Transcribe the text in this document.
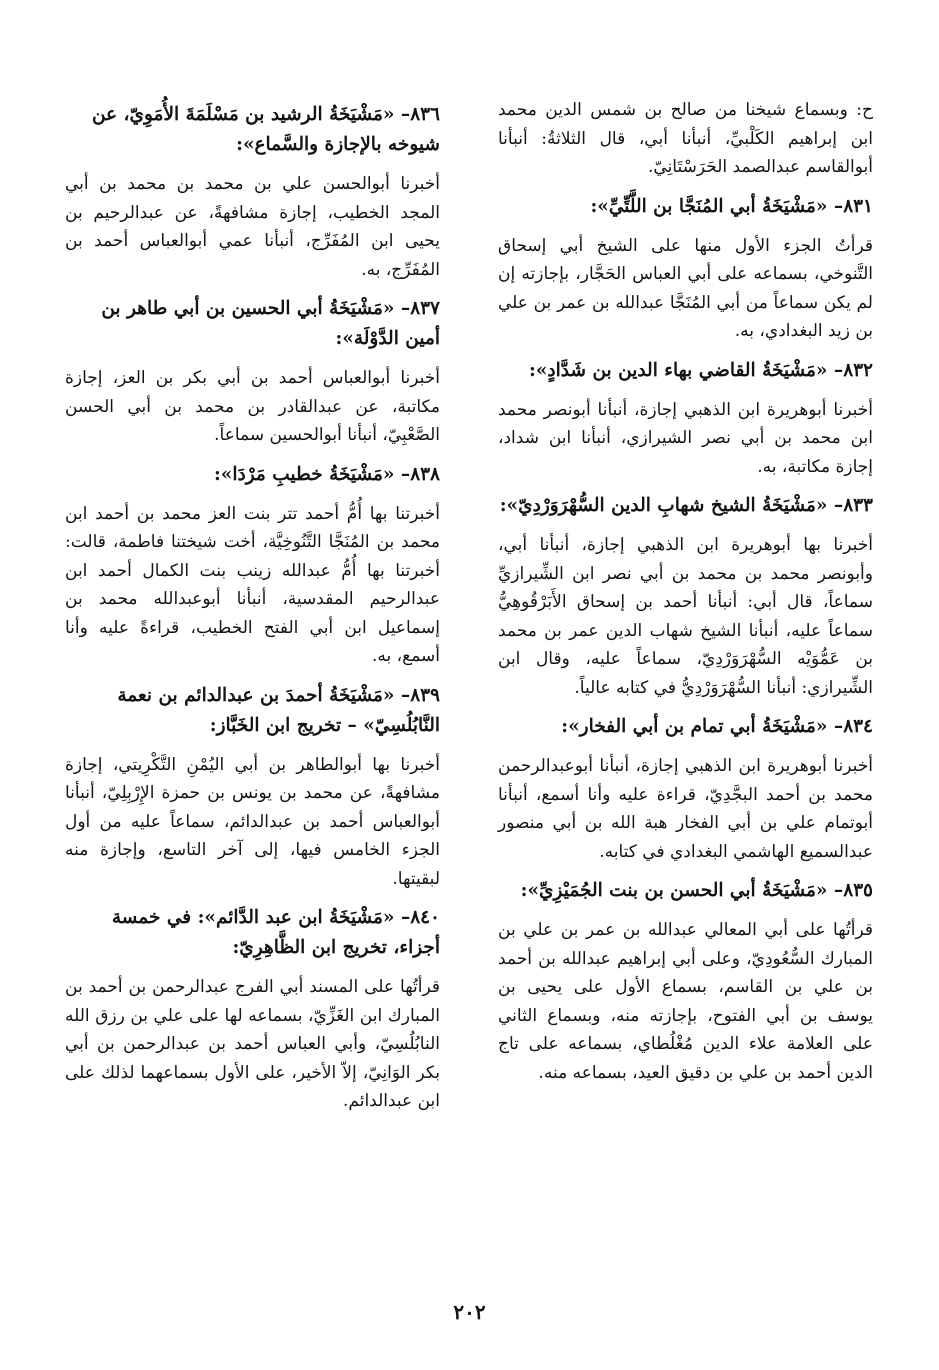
ح: وبسماع شيخنا من صالح بن شمس الدين محمد ابن إبراهيم الكَلْبيِّ، أنبأنا أبي، قال الثلاثةُ: أنبأنا أبوالقاسم عبدالصمد الحَرَسْتَانِيّ.

٨٣١– «مَشْيَخَةُ أبي المُنَجَّا بن اللَّتِّيِّ»:

قرأتُ الجزء الأول منها على الشيخ أبي إسحاق التَّنوخي، بسماعه على أبي العباس الحَجَّار، بإجازته إن لم يكن سماعاً من أبي المُنَجَّا عبدالله بن عمر بن علي بن زيد البغدادي، به.

٨٣٢– «مَشْيَخَةُ القاضي بهاء الدين بن شَدَّادٍ»:

أخبرنا أبوهريرة ابن الذهبي إجازة، أنبأنا أبونصر محمد ابن محمد بن أبي نصر الشيرازي، أنبأنا ابن شداد، إجازة مكاتبة، به.

٨٣٣– «مَشْيَخَةُ الشيخ شهابِ الدين السُّهْرَوَرْدِيّ»:

أخبرنا بها أبوهريرة ابن الذهبي إجازة، أنبأنا أبي، وأبونصر محمد بن محمد بن أبي نصر ابن الشِّيرازيِّ سماعاً، قال أبي: أنبأنا أحمد بن إسحاق الأَبَرْقُوهِيُّ سماعاً عليه، أنبأنا الشيخ شهاب الدين عمر بن محمد بن عَمُّوَيْه السُّهْرَوَرْدِيّ، سماعاً عليه، وقال ابن الشِّيرازي: أنبأنا السُّهْرَوَرْدِيُّ في كتابه عالياً.

٨٣٤– «مَشْيَخَةُ أبي تمام بن أبي الفخار»:

أخبرنا أبوهريرة ابن الذهبي إجازة، أنبأنا أبوعبدالرحمن محمد بن أحمد البجَّدِيّ، قراءة عليه وأنا أسمع، أنبأنا أبوتمام علي بن أبي الفخار هبة الله بن أبي منصور عبدالسميع الهاشمي البغدادي في كتابه.

٨٣٥– «مَشْيَخَةُ أبي الحسن بن بنت الجُمَيْزِيِّ»:

قرأتُها على أبي المعالي عبدالله بن عمر بن علي بن المبارك السُّعُودِيّ، وعلى أبي إبراهيم عبدالله بن أحمد بن علي بن القاسم، بسماع الأول على يحيى بن يوسف بن أبي الفتوح، بإجازته منه، وبسماع الثاني على العلامة علاء الدين مُغْلُطاي، بسماعه على تاج الدين أحمد بن علي بن دقيق العيد، بسماعه منه.

٨٣٦– «مَشْيَخَةُ الرشيد بن مَسْلَمَةَ الأُمَوِيّ، عن شيوخه بالإجازة والسَّماع»:

أخبرنا أبوالحسن علي بن محمد بن محمد بن أبي المجد الخطيب، إجازة مشافهةً، عن عبدالرحيم بن يحيى ابن المُفَرِّج، أنبأنا عمي أبوالعباس أحمد بن المُفَرِّج، به.

٨٣٧– «مَشْيَخَةُ أبي الحسين بن أبي طاهر بن أمين الدَّوْلَة»:

أخبرنا أبوالعباس أحمد بن أبي بكر بن العز، إجازة مكاتبة، عن عبدالقادر بن محمد بن أبي الحسن الصَّعْبِيّ، أنبأنا أبوالحسين سماعاً.

٨٣٨– «مَشْيَخَةُ خطيبِ مَرْدَا»:

أخبرتنا بها أُمُّ أحمد تتر بنت العز محمد بن أحمد ابن محمد بن المُنَجَّا التَّنُوخِيَّة، أخت شيختنا فاطمة، قالت: أخبرتنا بها أُمُّ عبدالله زينب بنت الكمال أحمد ابن عبدالرحيم المقدسية، أنبأنا أبوعبدالله محمد بن إسماعيل ابن أبي الفتح الخطيب، قراءةً عليه وأنا أسمع، به.

٨٣٩– «مَشْيَخَةُ أحمدَ بن عبدالدائم بن نعمة النَّابُلُسِيّ» – تخريج ابن الخَبَّاز:

أخبرنا بها أبوالطاهر بن أبي اليُمْنِ التَّكْرِيتي، إجازة مشافهةً، عن محمد بن يونس بن حمزة الإِرْبِلِيّ، أنبأنا أبوالعباس أحمد بن عبدالدائم، سماعاً عليه من أول الجزء الخامس فيها، إلى آخر التاسع، وإجازة منه لبقيتها.

٨٤٠– «مَشْيَخَةُ ابن عبد الدَّائم»: في خمسة أجزاء، تخريج ابن الظَّاهِرِيّ:

قرأتُها على المسند أبي الفرج عبدالرحمن بن أحمد بن المبارك ابن الغَزِّيّ، بسماعه لها على علي بن رزق الله النابُلُسِيّ، وأبي العباس أحمد بن عبدالرحمن بن أبي بكر الوَانِيّ، إلاّ الأخير، على الأول بسماعهما لذلك على ابن عبدالدائم.

٢٠٢
